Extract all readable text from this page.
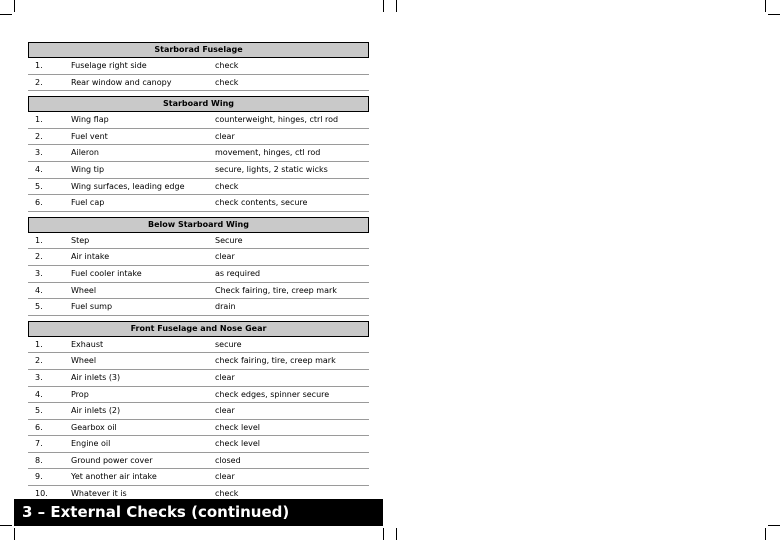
Starborad Fuselage
1.	Fuselage right side	check
2.	Rear window and canopy	check
Starboard Wing
1.	Wing flap	counterweight, hinges, ctrl rod
2.	Fuel vent	clear
3.	Aileron	movement, hinges, ctl rod
4.	Wing tip	secure, lights, 2 static wicks
5.	Wing surfaces, leading edge	check
6.	Fuel cap	check contents, secure
Below Starboard Wing
1.	Step	Secure
2.	Air intake	clear
3.	Fuel cooler intake	as required
4.	Wheel	Check fairing, tire, creep mark
5.	Fuel sump	drain
Front Fuselage and Nose Gear
1.	Exhaust	secure
2.	Wheel	check fairing, tire, creep mark
3.	Air inlets (3)	clear
4.	Prop	check edges, spinner secure
5.	Air inlets (2)	clear
6.	Gearbox oil	check level
7.	Engine oil	check level
8.	Ground power cover	closed
9.	Yet another air intake	clear
10.	Whatever it is	check
3 – External Checks (continued)
